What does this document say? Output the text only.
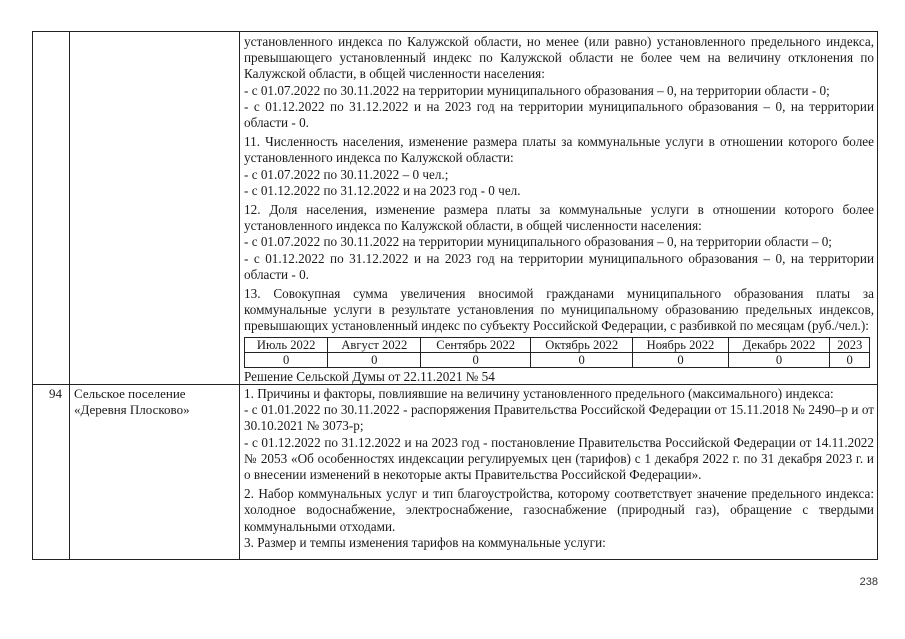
установленного индекса по Калужской области, но менее (или равно) установленного предельного индекса, превышающего установленный индекс по Калужской области не более чем на величину отклонения по Калужской области, в общей численности населения:

- с 01.07.2022 по 30.11.2022 на территории муниципального образования – 0, на территории области - 0;

- с 01.12.2022 по 31.12.2022 и на 2023 год на территории муниципального образования – 0, на территории области - 0.

11. Численность населения, изменение размера платы за коммунальные услуги в отношении которого более установленного индекса по Калужской области:

- с 01.07.2022 по 30.11.2022 – 0 чел.;

- с 01.12.2022 по 31.12.2022 и на 2023 год - 0 чел.

12. Доля населения, изменение размера платы за коммунальные услуги в отношении которого более установленного индекса по Калужской области, в общей численности населения:

- с 01.07.2022 по 30.11.2022 на территории муниципального образования – 0, на территории области – 0;

- с 01.12.2022 по 31.12.2022 и на 2023 год на территории муниципального образования – 0, на территории области - 0.

13. Совокупная сумма увеличения вносимой гражданами муниципального образования платы за коммунальные услуги в результате установления по муниципальному образованию предельных индексов, превышающих установленный индекс по субъекту Российской Федерации, с разбивкой по месяцам (руб./чел.):

Июль 2022	Август 2022	Сентябрь 2022	Октябрь 2022	Ноябрь 2022	Декабрь 2022	2023
0	0	0	0	0	0	0

Решение Сельской Думы от 22.11.2021 № 54

94 Сельское поселение
«Деревня Плосково»

1. Причины и факторы, повлиявшие на величину установленного предельного (максимального) индекса:

- с 01.01.2022 по 30.11.2022 - распоряжения Правительства Российской Федерации от 15.11.2018 № 2490–р и от 30.10.2021 № 3073-р;

- с 01.12.2022 по 31.12.2022 и на 2023 год - постановление Правительства Российской Федерации от 14.11.2022 № 2053 «Об особенностях индексации регулируемых цен (тарифов) с 1 декабря 2022 г. по 31 декабря 2023 г. и о внесении изменений в некоторые акты Правительства Российской Федерации».

2. Набор коммунальных услуг и тип благоустройства, которому соответствует значение предельного индекса: холодное водоснабжение, электроснабжение, газоснабжение (природный газ), обращение с твердыми коммунальными отходами.

3. Размер и темпы изменения тарифов на коммунальные услуги:

238
